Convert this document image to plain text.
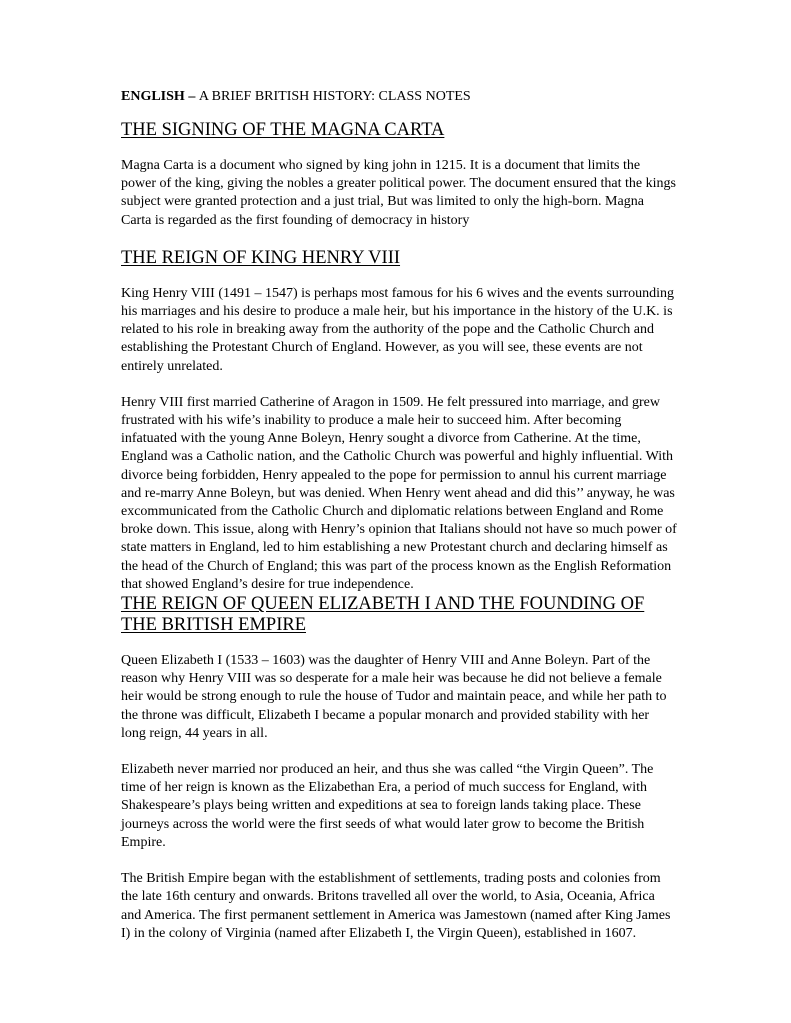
ENGLISH – A BRIEF BRITISH HISTORY: CLASS NOTES
THE SIGNING OF THE MAGNA CARTA

Magna Carta is a document who signed by king john in 1215. It is a document that limits the power of the king, giving the nobles a greater political power. The document ensured that the kings subject were granted protection and a just trial, But was limited to only the high-born. Magna Carta is regarded as the first founding of democracy in history

THE REIGN OF KING HENRY VIII

King Henry VIII (1491 – 1547) is perhaps most famous for his 6 wives and the events surrounding his marriages and his desire to produce a male heir, but his importance in the history of the U.K. is related to his role in breaking away from the authority of the pope and the Catholic Church and establishing the Protestant Church of England. However, as you will see, these events are not entirely unrelated.

Henry VIII first married Catherine of Aragon in 1509. He felt pressured into marriage, and grew frustrated with his wife’s inability to produce a male heir to succeed him. After becoming infatuated with the young Anne Boleyn, Henry sought a divorce from Catherine. At the time, England was a Catholic nation, and the Catholic Church was powerful and highly influential. With divorce being forbidden, Henry appealed to the pope for permission to annul his current marriage and re-marry Anne Boleyn, but was denied. When Henry went ahead and did this’’ anyway, he was excommunicated from the Catholic Church and diplomatic relations between England and Rome broke down. This issue, along with Henry’s opinion that Italians should not have so much power of state matters in England, led to him establishing a new Protestant church and declaring himself as the head of the Church of England; this was part of the process known as the English Reformation that showed England’s desire for true independence.

THE REIGN OF QUEEN ELIZABETH I AND THE FOUNDING OF THE BRITISH EMPIRE

Queen Elizabeth I (1533 – 1603) was the daughter of Henry VIII and Anne Boleyn. Part of the reason why Henry VIII was so desperate for a male heir was because he did not believe a female heir would be strong enough to rule the house of Tudor and maintain peace, and while her path to the throne was difficult, Elizabeth I became a popular monarch and provided stability with her long reign, 44 years in all.

Elizabeth never married nor produced an heir, and thus she was called “the Virgin Queen”. The time of her reign is known as the Elizabethan Era, a period of much success for England, with Shakespeare’s plays being written and expeditions at sea to foreign lands taking place. These journeys across the world were the first seeds of what would later grow to become the British Empire.

The British Empire began with the establishment of settlements, trading posts and colonies from the late 16th century and onwards. Britons travelled all over the world, to Asia, Oceania, Africa and America. The first permanent settlement in America was Jamestown (named after King James I) in the colony of Virginia (named after Elizabeth I, the Virgin Queen), established in 1607.
